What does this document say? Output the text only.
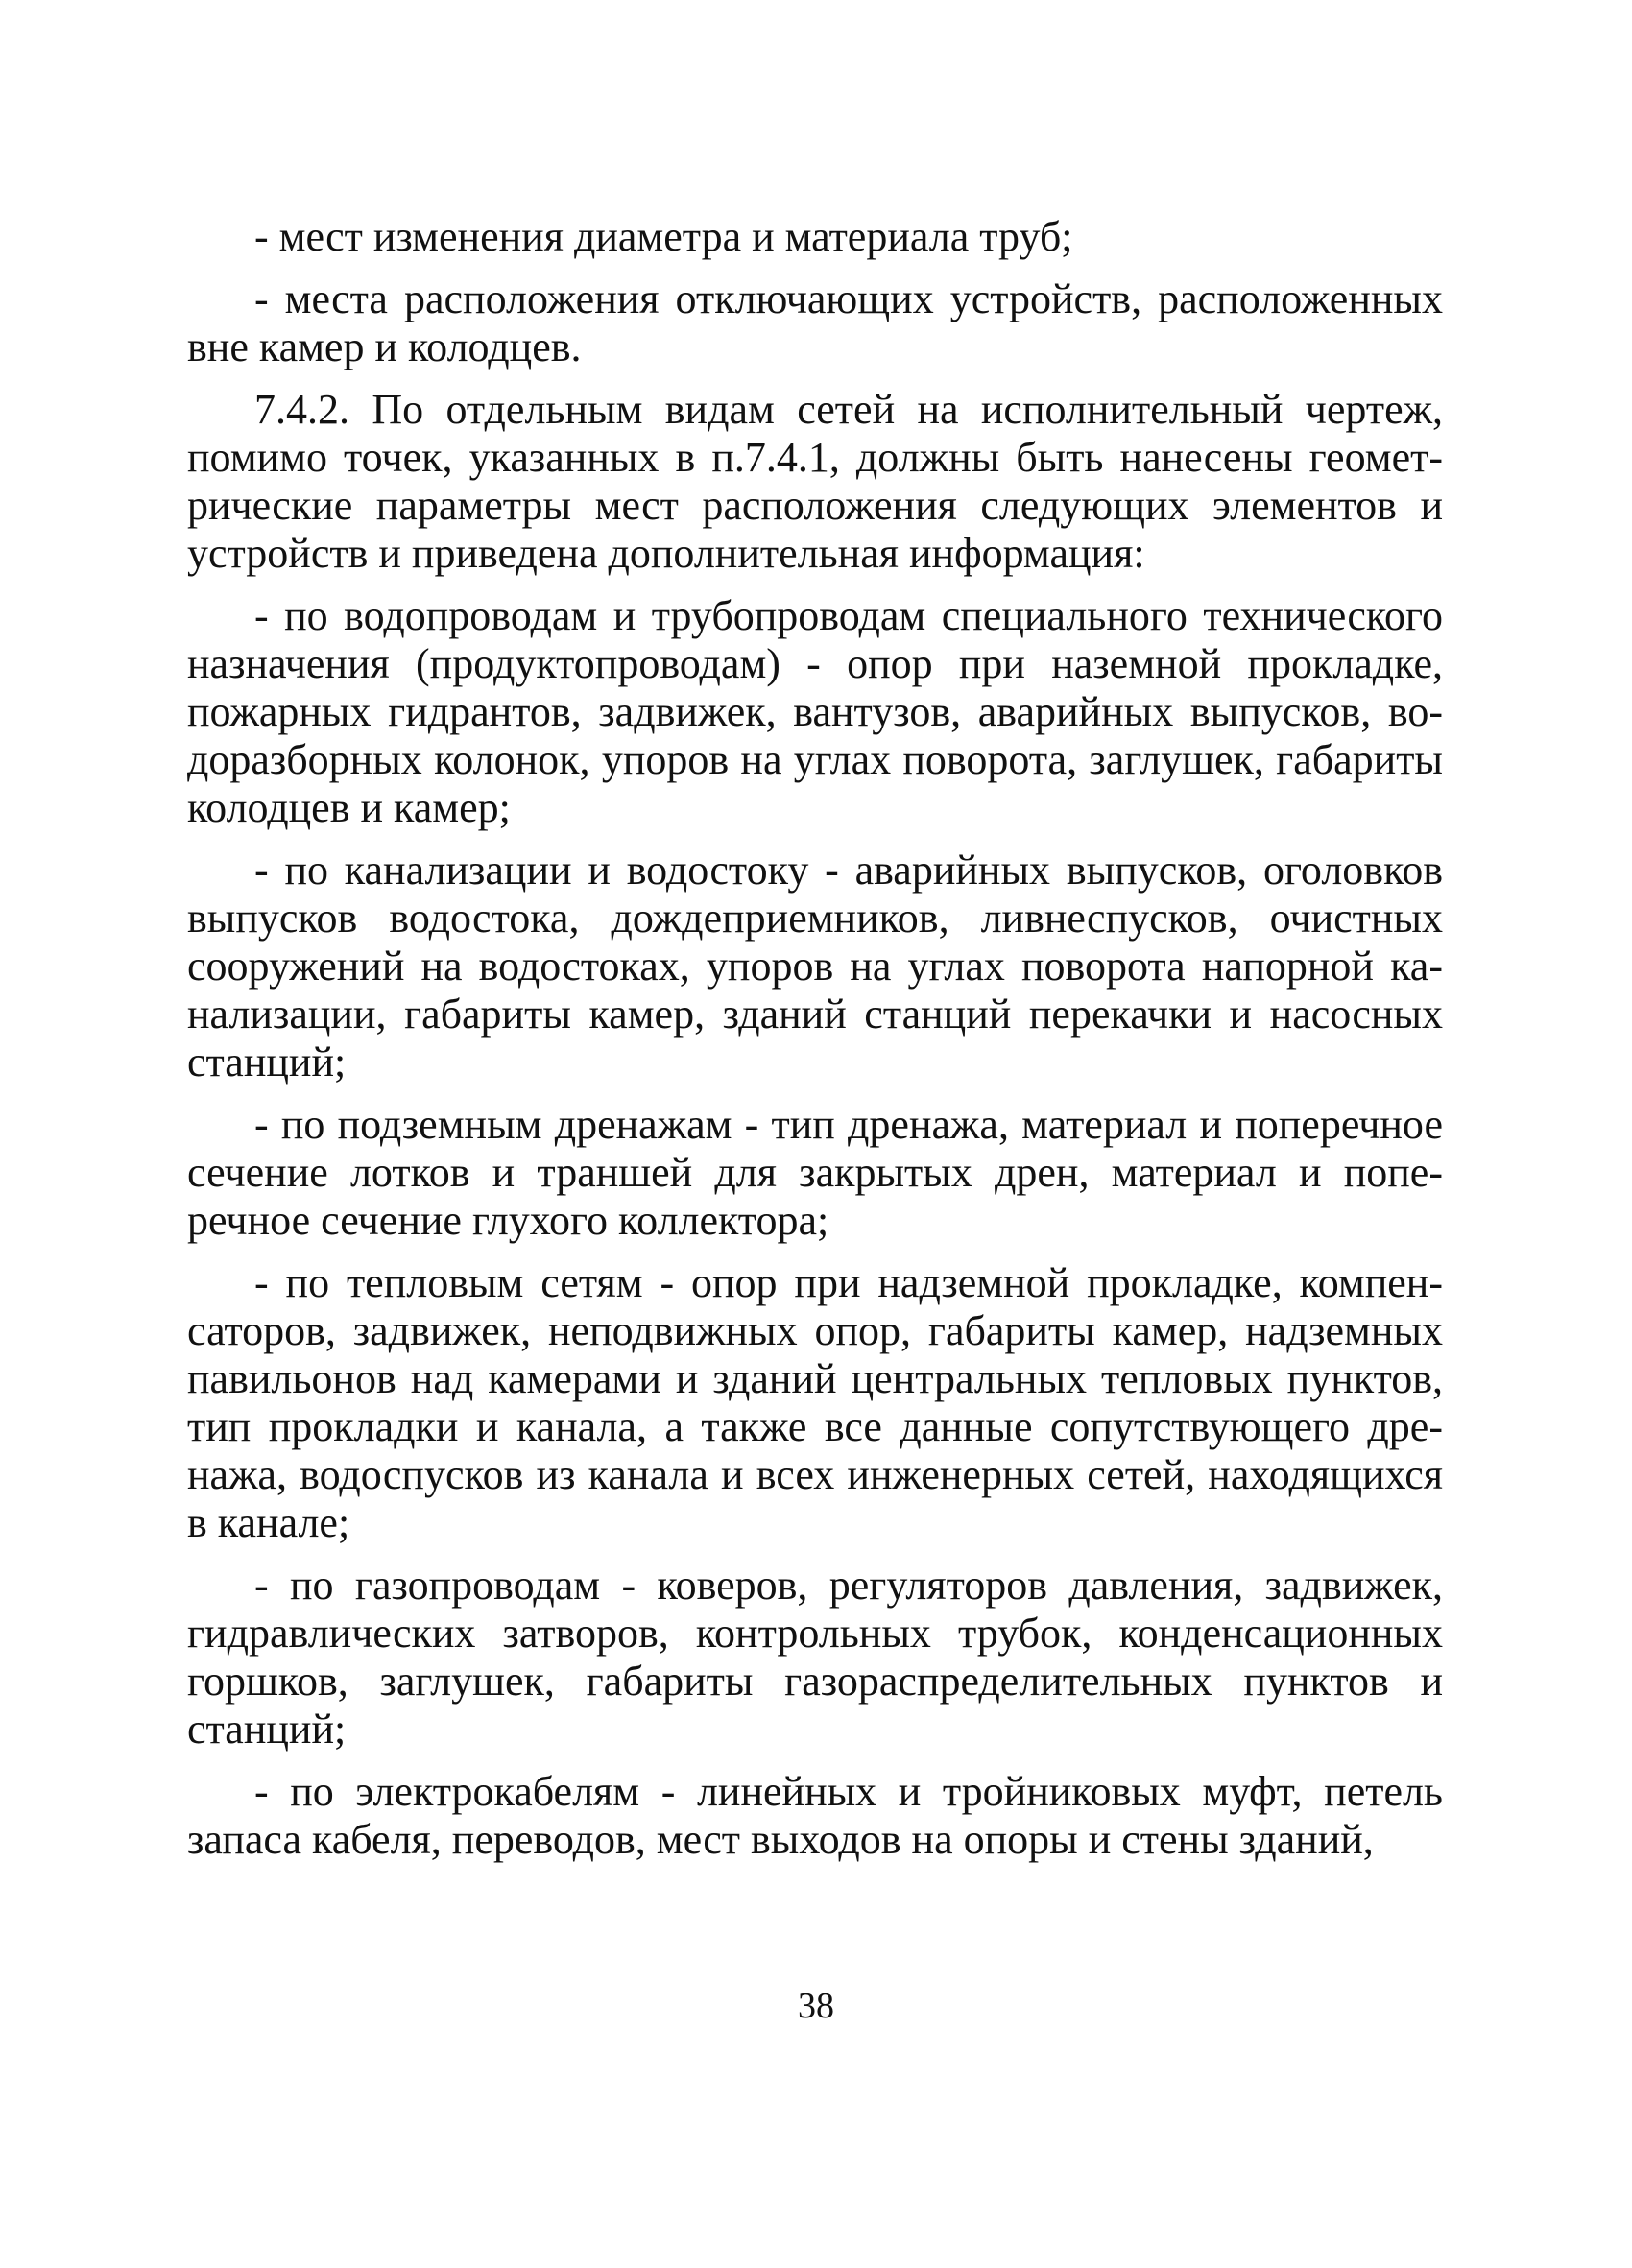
- мест изменения диаметра и материала труб;

- места расположения отключающих устройств, расположенных вне камер и колодцев.

7.4.2. По отдельным видам сетей на исполнительный чертеж, помимо точек, указанных в п.7.4.1, должны быть нанесены геометрические параметры мест расположения следующих элементов и устройств и приведена дополнительная информация:

- по водопроводам и трубопроводам специального технического назначения (продуктопроводам) - опор при наземной прокладке, пожарных гидрантов, задвижек, вантузов, аварийных выпусков, водоразборных колонок, упоров на углах поворота, заглушек, габариты колодцев и камер;

- по канализации и водостоку - аварийных выпусков, оголовков выпусков водостока, дождеприемников, ливнеспусков, очистных сооружений на водостоках, упоров на углах поворота напорной канализации, габариты камер, зданий станций перекачки и насосных станций;

- по подземным дренажам - тип дренажа, материал и поперечное сечение лотков и траншей для закрытых дрен, материал и поперечное сечение глухого коллектора;

- по тепловым сетям - опор при надземной прокладке, компенсаторов, задвижек, неподвижных опор, габариты камер, надземных павильонов над камерами и зданий центральных тепловых пунктов, тип прокладки и канала, а также все данные сопутствующего дренажа, водоспусков из канала и всех инженерных сетей, находящихся в канале;

- по газопроводам - коверов, регуляторов давления, задвижек, гидравлических затворов, контрольных трубок, конденсационных горшков, заглушек, габариты газораспределительных пунктов и станций;

- по электрокабелям - линейных и тройниковых муфт, петель запаса кабеля, переводов, мест выходов на опоры и стены зданий,

38
